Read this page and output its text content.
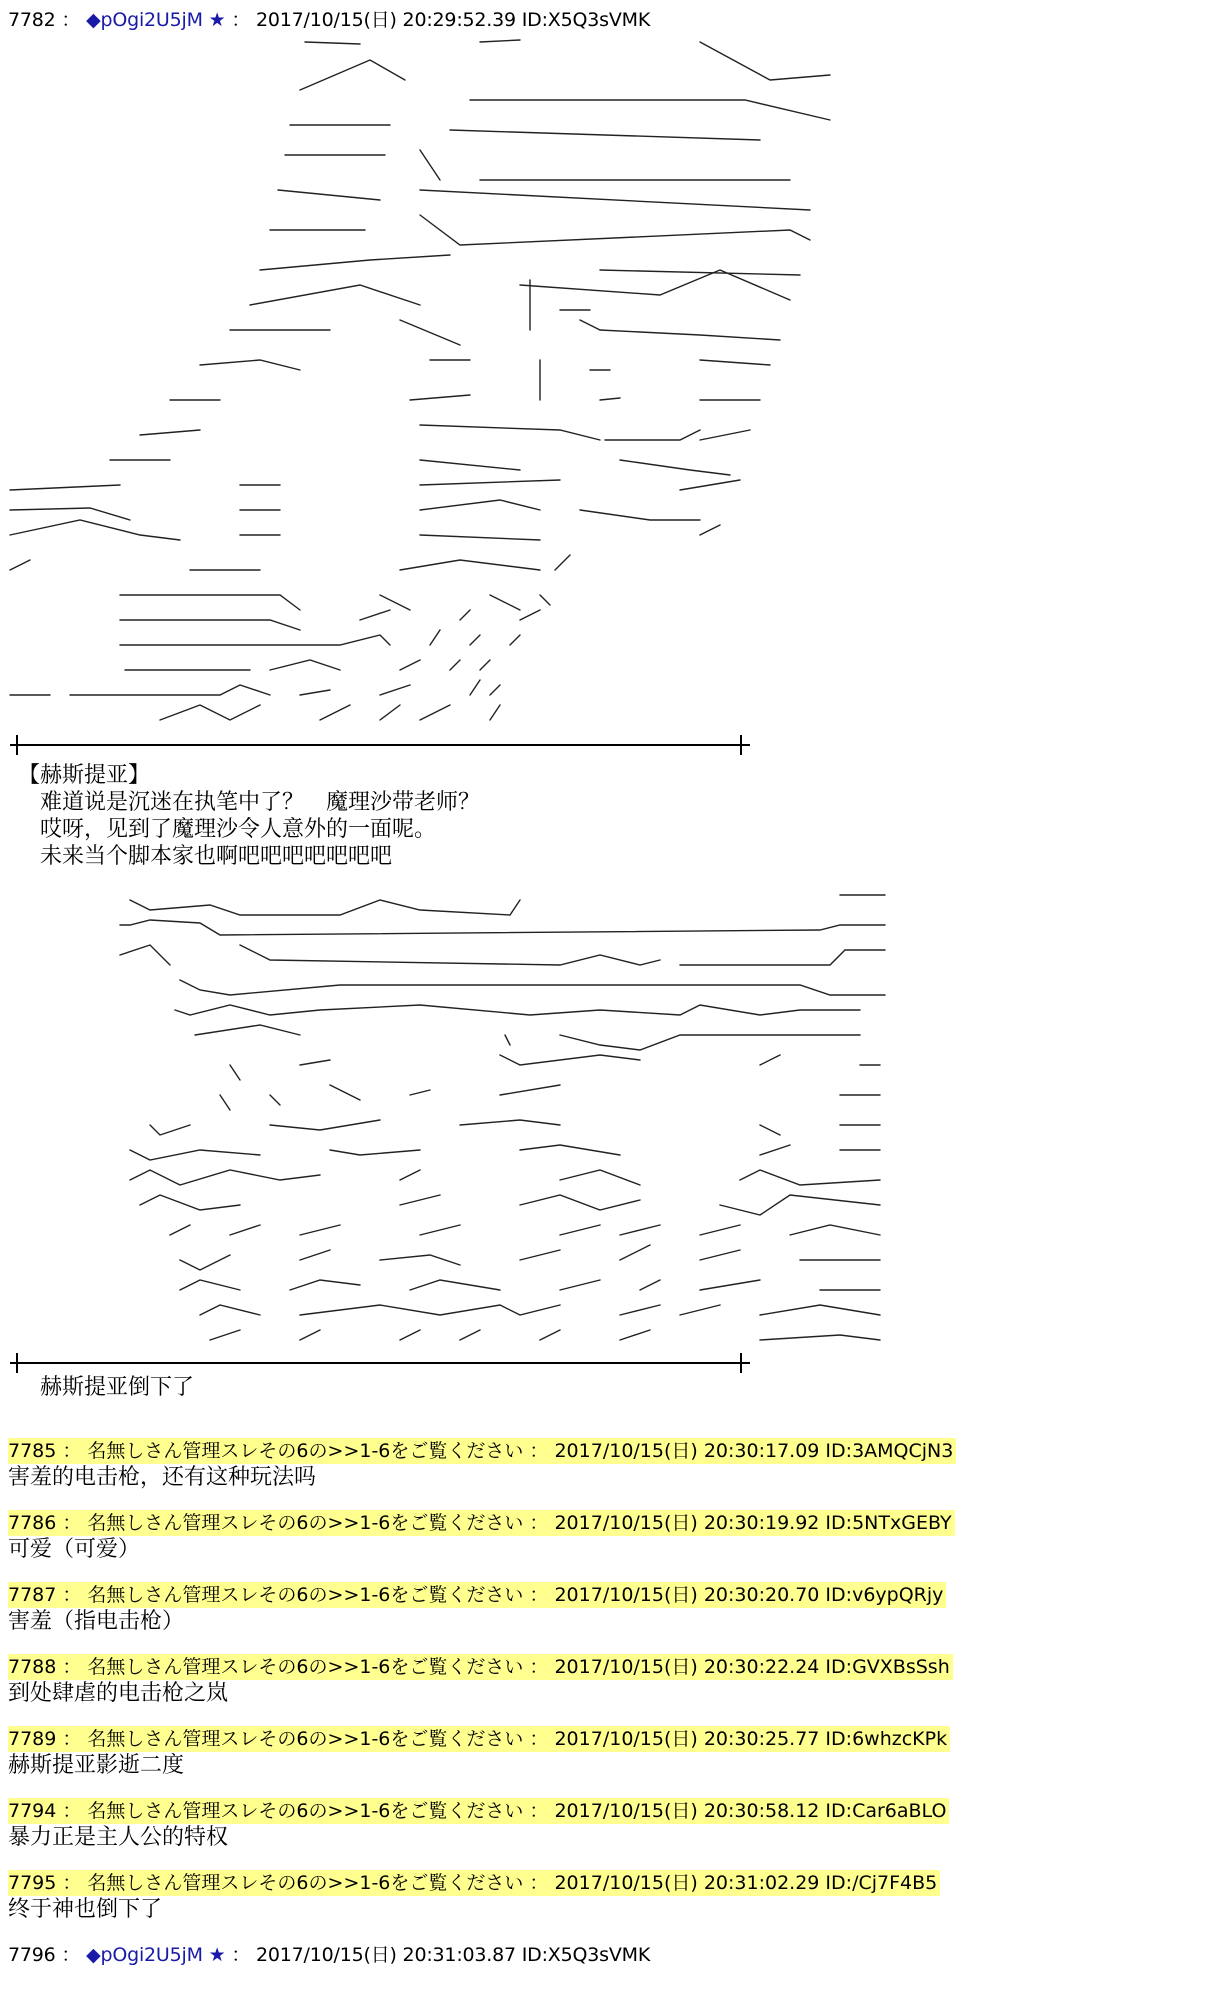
7782 ： ◆pOgi2U5jM ★ ： 2017/10/15(日) 20:29:52.39 ID:X5Q3sVMK
【赫斯提亚】
难道说是沉迷在执笔中了？　魔理沙带老师？
哎呀，见到了魔理沙令人意外的一面呢。
未来当个脚本家也啊吧吧吧吧吧吧吧
赫斯提亚倒下了
7785 ： 名無しさん管理スレその6の>>1-6をご覧ください ： 2017/10/15(日) 20:30:17.09 ID:3AMQCjN3
害羞的电击枪，还有这种玩法吗
7786 ： 名無しさん管理スレその6の>>1-6をご覧ください ： 2017/10/15(日) 20:30:19.92 ID:5NTxGEBY
可爱（可爱）
7787 ： 名無しさん管理スレその6の>>1-6をご覧ください ： 2017/10/15(日) 20:30:20.70 ID:v6ypQRjy
害羞（指电击枪）
7788 ： 名無しさん管理スレその6の>>1-6をご覧ください ： 2017/10/15(日) 20:30:22.24 ID:GVXBsSsh
到处肆虐的电击枪之岚
7789 ： 名無しさん管理スレその6の>>1-6をご覧ください ： 2017/10/15(日) 20:30:25.77 ID:6whzcKPk
赫斯提亚影逝二度
7794 ： 名無しさん管理スレその6の>>1-6をご覧ください ： 2017/10/15(日) 20:30:58.12 ID:Car6aBLO
暴力正是主人公的特权
7795 ： 名無しさん管理スレその6の>>1-6をご覧ください ： 2017/10/15(日) 20:31:02.29 ID:/Cj7F4B5
终于神也倒下了
7796 ： ◆pOgi2U5jM ★ ： 2017/10/15(日) 20:31:03.87 ID:X5Q3sVMK
